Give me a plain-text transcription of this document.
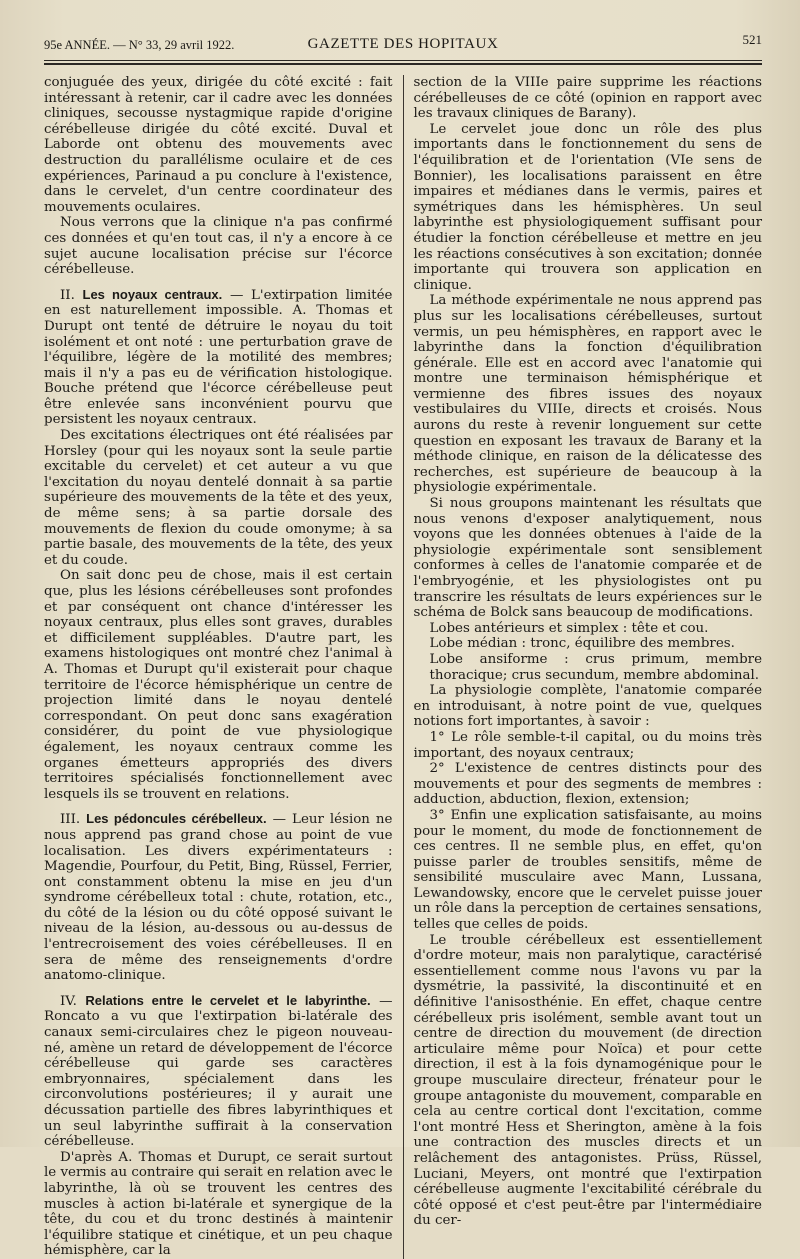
95e ANNÉE. — N° 33, 29 avril 1922.	GAZETTE DES HOPITAUX	521

conjuguée des yeux, dirigée du côté excité : fait intéressant à retenir, car il cadre avec les données cliniques, secousse nystagmique rapide d'origine cérébelleuse dirigée du côté excité. Duval et Laborde ont obtenu des mouvements avec destruction du parallélisme oculaire et de ces expériences, Parinaud a pu conclure à l'existence, dans le cervelet, d'un centre coordinateur des mouvements oculaires.

Nous verrons que la clinique n'a pas confirmé ces données et qu'en tout cas, il n'y a encore à ce sujet aucune localisation précise sur l'écorce cérébelleuse.

II. Les noyaux centraux. — L'extirpation limitée en est naturellement impossible. A. Thomas et Durupt ont tenté de détruire le noyau du toit isolément et ont noté : une perturbation grave de l'équilibre, légère de la motilité des membres; mais il n'y a pas eu de vérification histologique. Bouche prétend que l'écorce cérébelleuse peut être enlevée sans inconvénient pourvu que persistent les noyaux centraux.

Des excitations électriques ont été réalisées par Horsley (pour qui les noyaux sont la seule partie excitable du cervelet) et cet auteur a vu que l'excitation du noyau dentelé donnait à sa partie supérieure des mouvements de la tête et des yeux, de même sens; à sa partie dorsale des mouvements de flexion du coude omonyme; à sa partie basale, des mouvements de la tête, des yeux et du coude.

On sait donc peu de chose, mais il est certain que, plus les lésions cérébelleuses sont profondes et par conséquent ont chance d'intéresser les noyaux centraux, plus elles sont graves, durables et difficilement suppléables. D'autre part, les examens histologiques ont montré chez l'animal à A. Thomas et Durupt qu'il existerait pour chaque territoire de l'écorce hémisphérique un centre de projection limité dans le noyau dentelé correspondant. On peut donc sans exagération considérer, du point de vue physiologique également, les noyaux centraux comme les organes émetteurs appropriés des divers territoires spécialisés fonctionnellement avec lesquels ils se trouvent en relations.

III. Les pédoncules cérébelleux. — Leur lésion ne nous apprend pas grand chose au point de vue localisation. Les divers expérimentateurs : Magendie, Pourfour, du Petit, Bing, Rüssel, Ferrier, ont constamment obtenu la mise en jeu d'un syndrome cérébelleux total : chute, rotation, etc., du côté de la lésion ou du côté opposé suivant le niveau de la lésion, au-dessous ou au-dessus de l'entrecroisement des voies cérébelleuses. Il en sera de même des renseignements d'ordre anatomo-clinique.

IV. Relations entre le cervelet et le labyrinthe. — Roncato a vu que l'extirpation bi-latérale des canaux semi-circulaires chez le pigeon nouveau-né, amène un retard de développement de l'écorce cérébelleuse qui garde ses caractères embryonnaires, spécialement dans les circonvolutions postérieures; il y aurait une décussation partielle des fibres labyrinthiques et un seul labyrinthe suffirait à la conservation cérébelleuse.

D'après A. Thomas et Durupt, ce serait surtout le vermis au contraire qui serait en relation avec le labyrinthe, là où se trouvent les centres des muscles à action bi-latérale et synergique de la tête, du cou et du tronc destinés à maintenir l'équilibre statique et cinétique, et un peu chaque hémisphère, car la

section de la VIIIe paire supprime les réactions cérébelleuses de ce côté (opinion en rapport avec les travaux cliniques de Barany).

Le cervelet joue donc un rôle des plus importants dans le fonctionnement du sens de l'équilibration et de l'orientation (VIe sens de Bonnier), les localisations paraissent en être impaires et médianes dans le vermis, paires et symétriques dans les hémisphères. Un seul labyrinthe est physiologiquement suffisant pour étudier la fonction cérébelleuse et mettre en jeu les réactions consécutives à son excitation; donnée importante qui trouvera son application en clinique.

La méthode expérimentale ne nous apprend pas plus sur les localisations cérébelleuses, surtout vermis, un peu hémisphères, en rapport avec le labyrinthe dans la fonction d'équilibration générale. Elle est en accord avec l'anatomie qui montre une terminaison hémisphérique et vermienne des fibres issues des noyaux vestibulaires du VIIIe, directs et croisés. Nous aurons du reste à revenir longuement sur cette question en exposant les travaux de Barany et la méthode clinique, en raison de la délicatesse des recherches, est supérieure de beaucoup à la physiologie expérimentale.

Si nous groupons maintenant les résultats que nous venons d'exposer analytiquement, nous voyons que les données obtenues à l'aide de la physiologie expérimentale sont sensiblement conformes à celles de l'anatomie comparée et de l'embryogénie, et les physiologistes ont pu transcrire les résultats de leurs expériences sur le schéma de Bolck sans beaucoup de modifications.

Lobes antérieurs et simplex : tête et cou.

Lobe médian : tronc, équilibre des membres.

Lobe ansiforme : crus primum, membre thoracique; crus secundum, membre abdominal.

La physiologie complète, l'anatomie comparée en introduisant, à notre point de vue, quelques notions fort importantes, à savoir :

1° Le rôle semble-t-il capital, ou du moins très important, des noyaux centraux;

2° L'existence de centres distincts pour des mouvements et pour des segments de membres : adduction, abduction, flexion, extension;

3° Enfin une explication satisfaisante, au moins pour le moment, du mode de fonctionnement de ces centres. Il ne semble plus, en effet, qu'on puisse parler de troubles sensitifs, même de sensibilité musculaire avec Mann, Lussana, Lewandowsky, encore que le cervelet puisse jouer un rôle dans la perception de certaines sensations, telles que celles de poids.

Le trouble cérébelleux est essentiellement d'ordre moteur, mais non paralytique, caractérisé essentiellement comme nous l'avons vu par la dysmétrie, la passivité, la discontinuité et en définitive l'anisosthénie. En effet, chaque centre cérébelleux pris isolément, semble avant tout un centre de direction du mouvement (de direction articulaire même pour Noïca) et pour cette direction, il est à la fois dynamogénique pour le groupe musculaire directeur, frénateur pour le groupe antagoniste du mouvement, comparable en cela au centre cortical dont l'excitation, comme l'ont montré Hess et Sherington, amène à la fois une contraction des muscles directs et un relâchement des antagonistes. Prüss, Rüssel, Luciani, Meyers, ont montré que l'extirpation cérébelleuse augmente l'excitabilité cérébrale du côté opposé et c'est peut-être par l'intermédiaire du cer-
